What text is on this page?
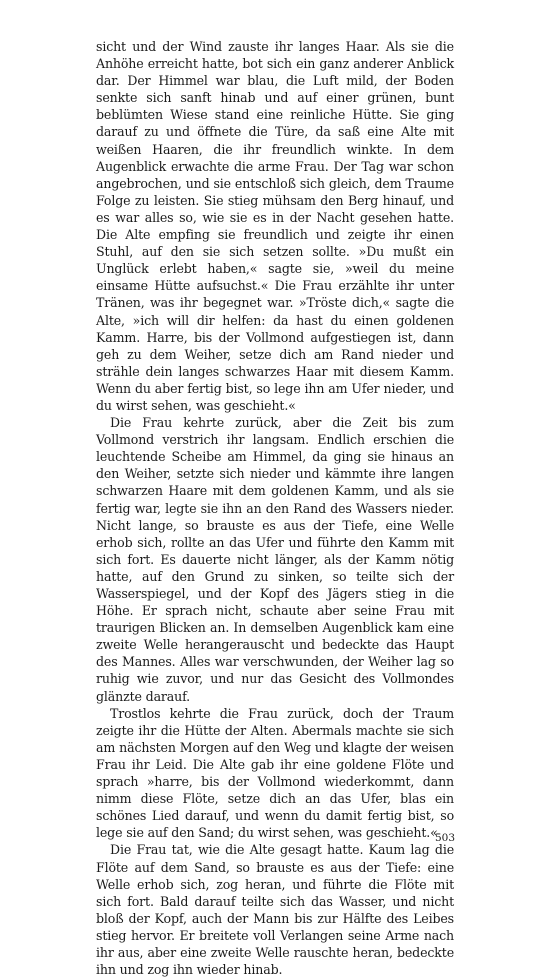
sicht und der Wind zauste ihr langes Haar. Als sie die Anhöhe erreicht hatte, bot sich ein ganz anderer Anblick dar. Der Himmel war blau, die Luft mild, der Boden senkte sich sanft hinab und auf einer grünen, bunt beblümten Wiese stand eine reinliche Hütte. Sie ging darauf zu und öffnete die Türe, da saß eine Alte mit weißen Haaren, die ihr freundlich winkte. In dem Augenblick erwachte die arme Frau. Der Tag war schon angebrochen, und sie entschloß sich gleich, dem Traume Folge zu leisten. Sie stieg mühsam den Berg hinauf, und es war alles so, wie sie es in der Nacht gesehen hatte. Die Alte empfing sie freundlich und zeigte ihr einen Stuhl, auf den sie sich setzen sollte. »Du mußt ein Unglück erlebt haben,« sagte sie, »weil du meine einsame Hütte aufsuchst.« Die Frau erzählte ihr unter Tränen, was ihr begegnet war. »Tröste dich,« sagte die Alte, »ich will dir helfen: da hast du einen goldenen Kamm. Harre, bis der Vollmond aufgestiegen ist, dann geh zu dem Weiher, setze dich am Rand nieder und strähle dein langes schwarzes Haar mit diesem Kamm. Wenn du aber fertig bist, so lege ihn am Ufer nieder, und du wirst sehen, was geschieht.«

Die Frau kehrte zurück, aber die Zeit bis zum Vollmond verstrich ihr langsam. Endlich erschien die leuchtende Scheibe am Himmel, da ging sie hinaus an den Weiher, setzte sich nieder und kämmte ihre langen schwarzen Haare mit dem goldenen Kamm, und als sie fertig war, legte sie ihn an den Rand des Wassers nieder. Nicht lange, so brauste es aus der Tiefe, eine Welle erhob sich, rollte an das Ufer und führte den Kamm mit sich fort. Es dauerte nicht länger, als der Kamm nötig hatte, auf den Grund zu sinken, so teilte sich der Wasserspiegel, und der Kopf des Jägers stieg in die Höhe. Er sprach nicht, schaute aber seine Frau mit traurigen Blicken an. In demselben Augenblick kam eine zweite Welle herangerauscht und bedeckte das Haupt des Mannes. Alles war verschwunden, der Weiher lag so ruhig wie zuvor, und nur das Gesicht des Vollmondes glänzte darauf.

Trostlos kehrte die Frau zurück, doch der Traum zeigte ihr die Hütte der Alten. Abermals machte sie sich am nächsten Morgen auf den Weg und klagte der weisen Frau ihr Leid. Die Alte gab ihr eine goldene Flöte und sprach »harre, bis der Vollmond wiederkommt, dann nimm diese Flöte, setze dich an das Ufer, blas ein schönes Lied darauf, und wenn du damit fertig bist, so lege sie auf den Sand; du wirst sehen, was geschieht.«

Die Frau tat, wie die Alte gesagt hatte. Kaum lag die Flöte auf dem Sand, so brauste es aus der Tiefe: eine Welle erhob sich, zog heran, und führte die Flöte mit sich fort. Bald darauf teilte sich das Wasser, und nicht bloß der Kopf, auch der Mann bis zur Hälfte des Leibes stieg hervor. Er breitete voll Verlangen seine Arme nach ihr aus, aber eine zweite Welle rauschte heran, bedeckte ihn und zog ihn wieder hinab.

503
